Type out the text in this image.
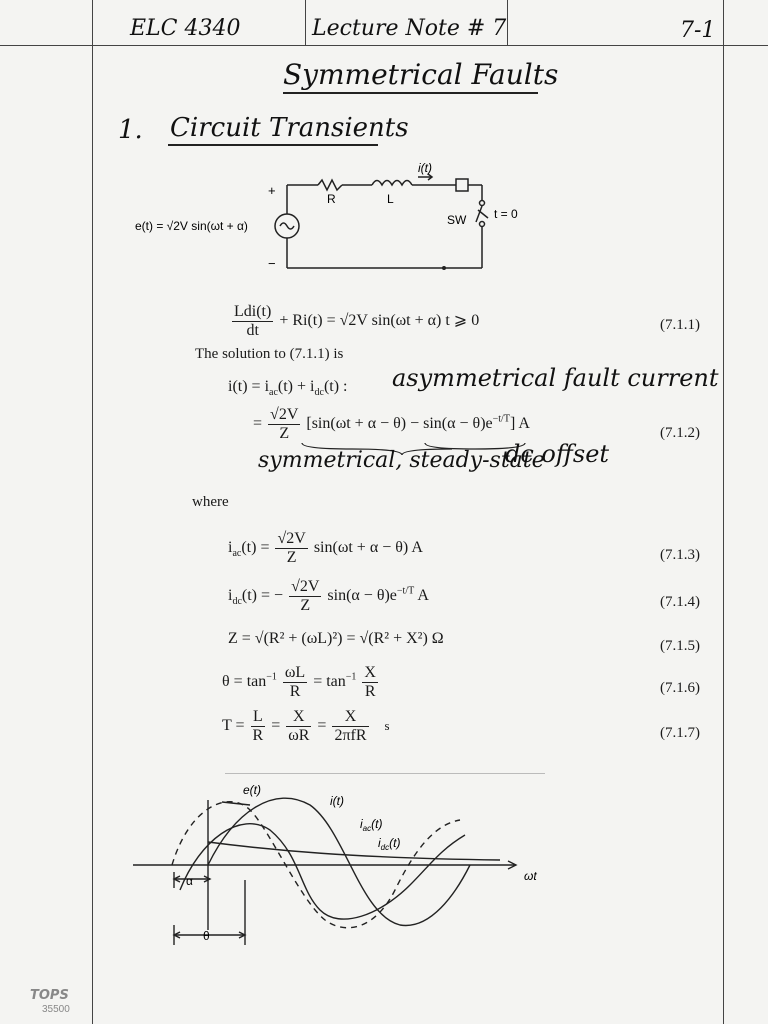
ELC 4340	Lecture Note # 7	7-1
Symmetrical Faults
1. Circuit Transients
+
−
i(t)
R	L
SW t = 0
e(t) = √2V sin(ωt + α)
$\frac{\text{Ldi(t)}}{dt} + Ri(t) = √2V$ sin(ωt + α) t ⩾ 0	(7.1.1)
The solution to (7.1.1) is
$i(t) = i_{ac}(t) + i_{dc}(t)$ : asymmetrical fault current
= $\frac{√2V}{Z} [\sin(\omega t + \alpha - \theta) - \sin(\alpha - \theta)e^{-t/T}]$ A
(7.1.2)
symmetrical, steady-state
dc offset
where
$i_{ac}(t) = \frac{√2V}{Z} \sin(\omega t + \alpha - \theta)$ A	(7.1.3)
$i_{dc}(t)$ = − $\frac{√2V}{Z} \sin(\alpha - \theta)e^{-t/T}$ A	(7.1.4)
Z = √(R² + (ωL)²) = √(R² + X²) Ω	(7.1.5)
$\theta = \tan^{-1} \frac{\omega L}{R} = \tan^{-1} \frac{X}{R}$	(7.1.6)
$T = \frac{L}{R} = \frac{X}{\omega R} = \frac{X}{\text{2πfR}}$ s	(7.1.7)
e(t)
i(t)
$i_{ac}(t)$
$i_{dc}(t)$
ωt
α
θ
TOPS
35500
